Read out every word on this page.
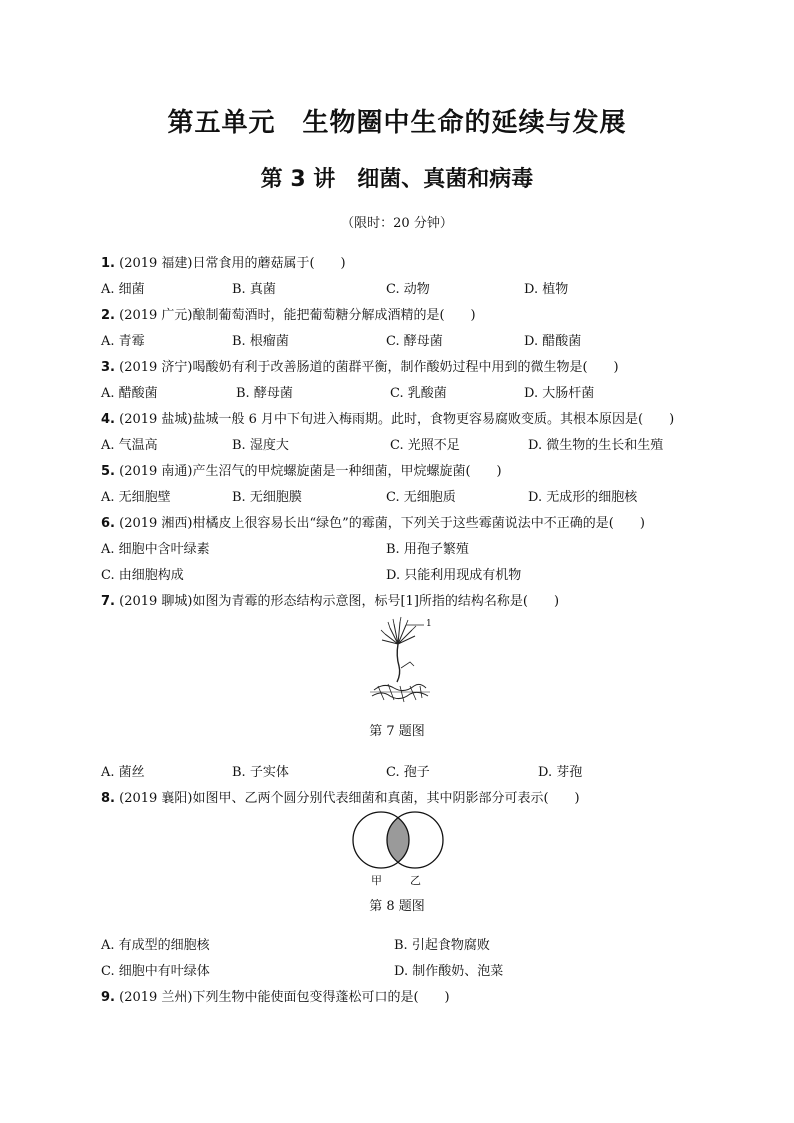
第五单元　生物圈中生命的延续与发展
第 3 讲　细菌、真菌和病毒
（限时：20 分钟）
1. (2019 福建)日常食用的蘑菇属于(　　)
A. 细菌	B. 真菌	C. 动物	D. 植物
2. (2019 广元)酿制葡萄酒时，能把葡萄糖分解成酒精的是(　　)
A. 青霉	B. 根瘤菌	C. 酵母菌	D. 醋酸菌
3. (2019 济宁)喝酸奶有利于改善肠道的菌群平衡，制作酸奶过程中用到的微生物是(　　)
A. 醋酸菌	B. 酵母菌	C. 乳酸菌	D. 大肠杆菌
4. (2019 盐城)盐城一般 6 月中下旬进入梅雨期。此时，食物更容易腐败变质。其根本原因是(　　)
A. 气温高	B. 湿度大	C. 光照不足	D. 微生物的生长和生殖
5. (2019 南通)产生沼气的甲烷螺旋菌是一种细菌，甲烷螺旋菌(　　)
A. 无细胞壁	B. 无细胞膜	C. 无细胞质	D. 无成形的细胞核
6. (2019 湘西)柑橘皮上很容易长出“绿色”的霉菌，下列关于这些霉菌说法中不正确的是(　　)
A. 细胞中含叶绿素	B. 用孢子繁殖
C. 由细胞构成	D. 只能利用现成有机物
7. (2019 聊城)如图为青霉的形态结构示意图，标号[1]所指的结构名称是(　　)
1
第 7 题图
A. 菌丝	B. 子实体	C. 孢子	D. 芽孢
8. (2019 襄阳)如图甲、乙两个圆分别代表细菌和真菌，其中阴影部分可表示(　　)
甲	乙
第 8 题图
A. 有成型的细胞核	B. 引起食物腐败
C. 细胞中有叶绿体	D. 制作酸奶、泡菜
9. (2019 兰州)下列生物中能使面包变得蓬松可口的是(　　)
